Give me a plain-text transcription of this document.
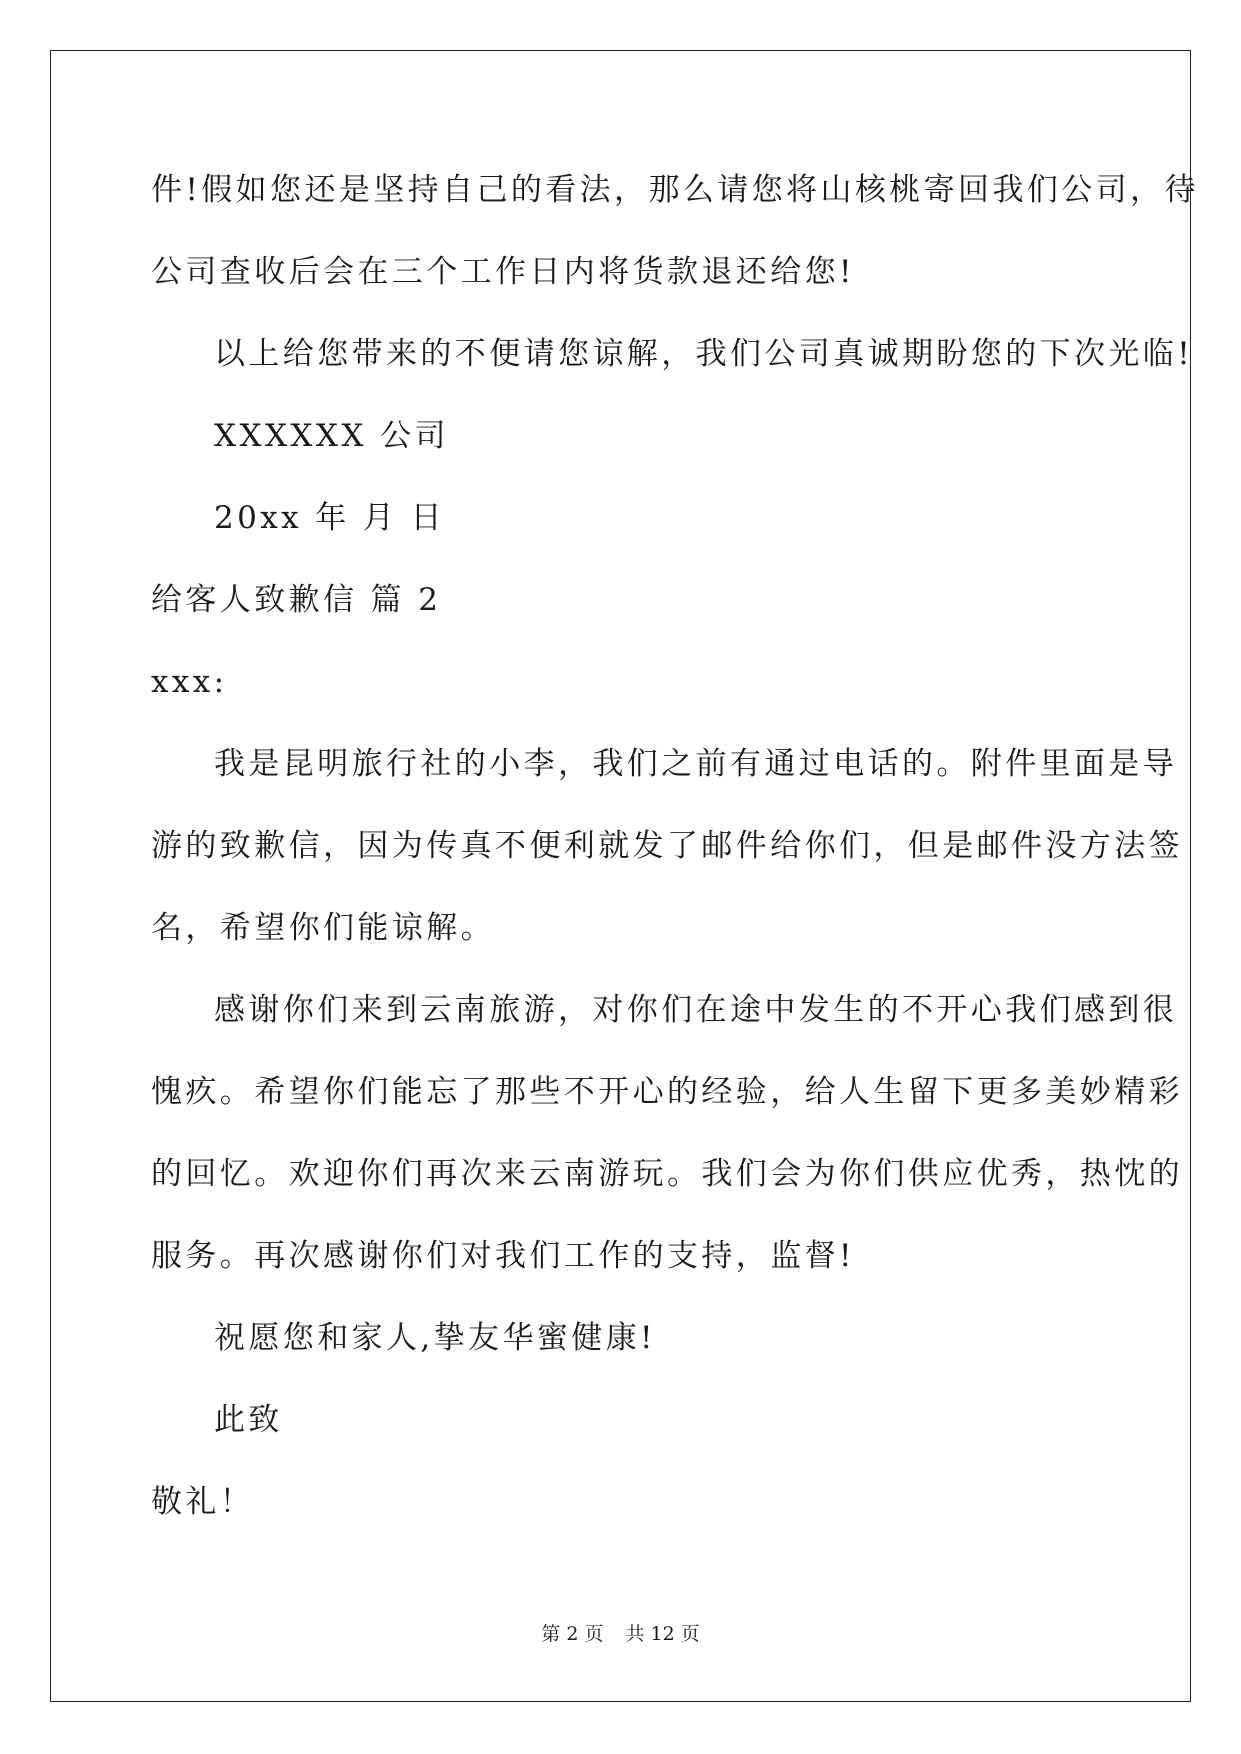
件!假如您还是坚持自己的看法，那么请您将山核桃寄回我们公司，待
公司查收后会在三个工作日内将货款退还给您!
以上给您带来的不便请您谅解，我们公司真诚期盼您的下次光临!
XXXXXX 公司
20xx 年 月 日
给客人致歉信 篇 2
xxx:
我是昆明旅行社的小李，我们之前有通过电话的。附件里面是导
游的致歉信，因为传真不便利就发了邮件给你们，但是邮件没方法签
名，希望你们能谅解。
感谢你们来到云南旅游，对你们在途中发生的不开心我们感到很
愧疚。希望你们能忘了那些不开心的经验，给人生留下更多美妙精彩
的回忆。欢迎你们再次来云南游玩。我们会为你们供应优秀，热忱的
服务。再次感谢你们对我们工作的支持，监督!
祝愿您和家人,挚友华蜜健康!
此致
敬礼！
第 2 页 共 12 页
